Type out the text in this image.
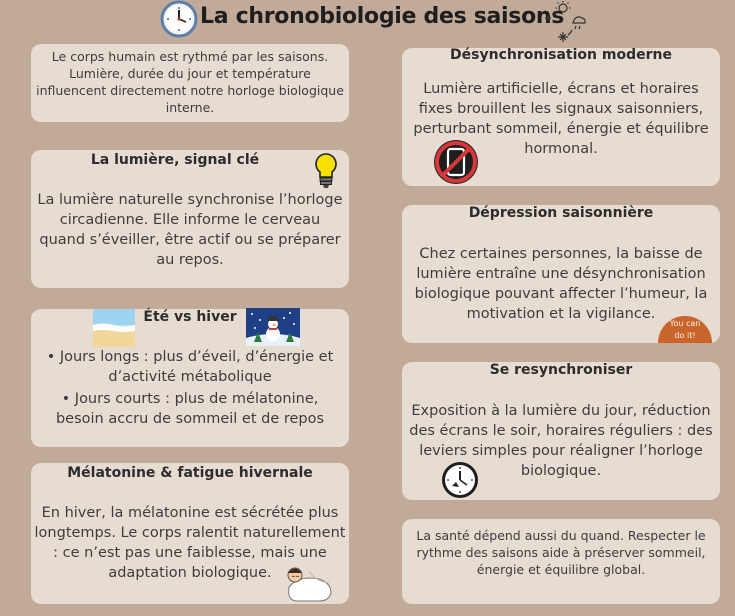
La chronobiologie des saisons

Le corps humain est rythmé par les saisons. Lumière, durée du jour et température influencent directement notre horloge biologique interne.

La lumière, signal clé

La lumière naturelle synchronise l’horloge circadienne. Elle informe le cerveau quand s’éveiller, être actif ou se préparer au repos.

Été vs hiver

• Jours longs : plus d’éveil, d’énergie et d’activité métabolique

• Jours courts : plus de mélatonine, besoin accru de sommeil et de repos

Mélatonine & fatigue hivernale

En hiver, la mélatonine est sécrétée plus longtemps. Le corps ralentit naturellement : ce n’est pas une faiblesse, mais une adaptation biologique.

Désynchronisation moderne

Lumière artificielle, écrans et horaires fixes brouillent les signaux saisonniers, perturbant sommeil, énergie et équilibre hormonal.

Dépression saisonnière

Chez certaines personnes, la baisse de lumière entraîne une désynchronisation biologique pouvant affecter l’humeur, la motivation et la vigilance.

You can
do it!
Se resynchroniser

Exposition à la lumière du jour, réduction des écrans le soir, horaires réguliers : des leviers simples pour réaligner l’horloge biologique.

La santé dépend aussi du quand. Respecter le rythme des saisons aide à préserver sommeil, énergie et équilibre global.
